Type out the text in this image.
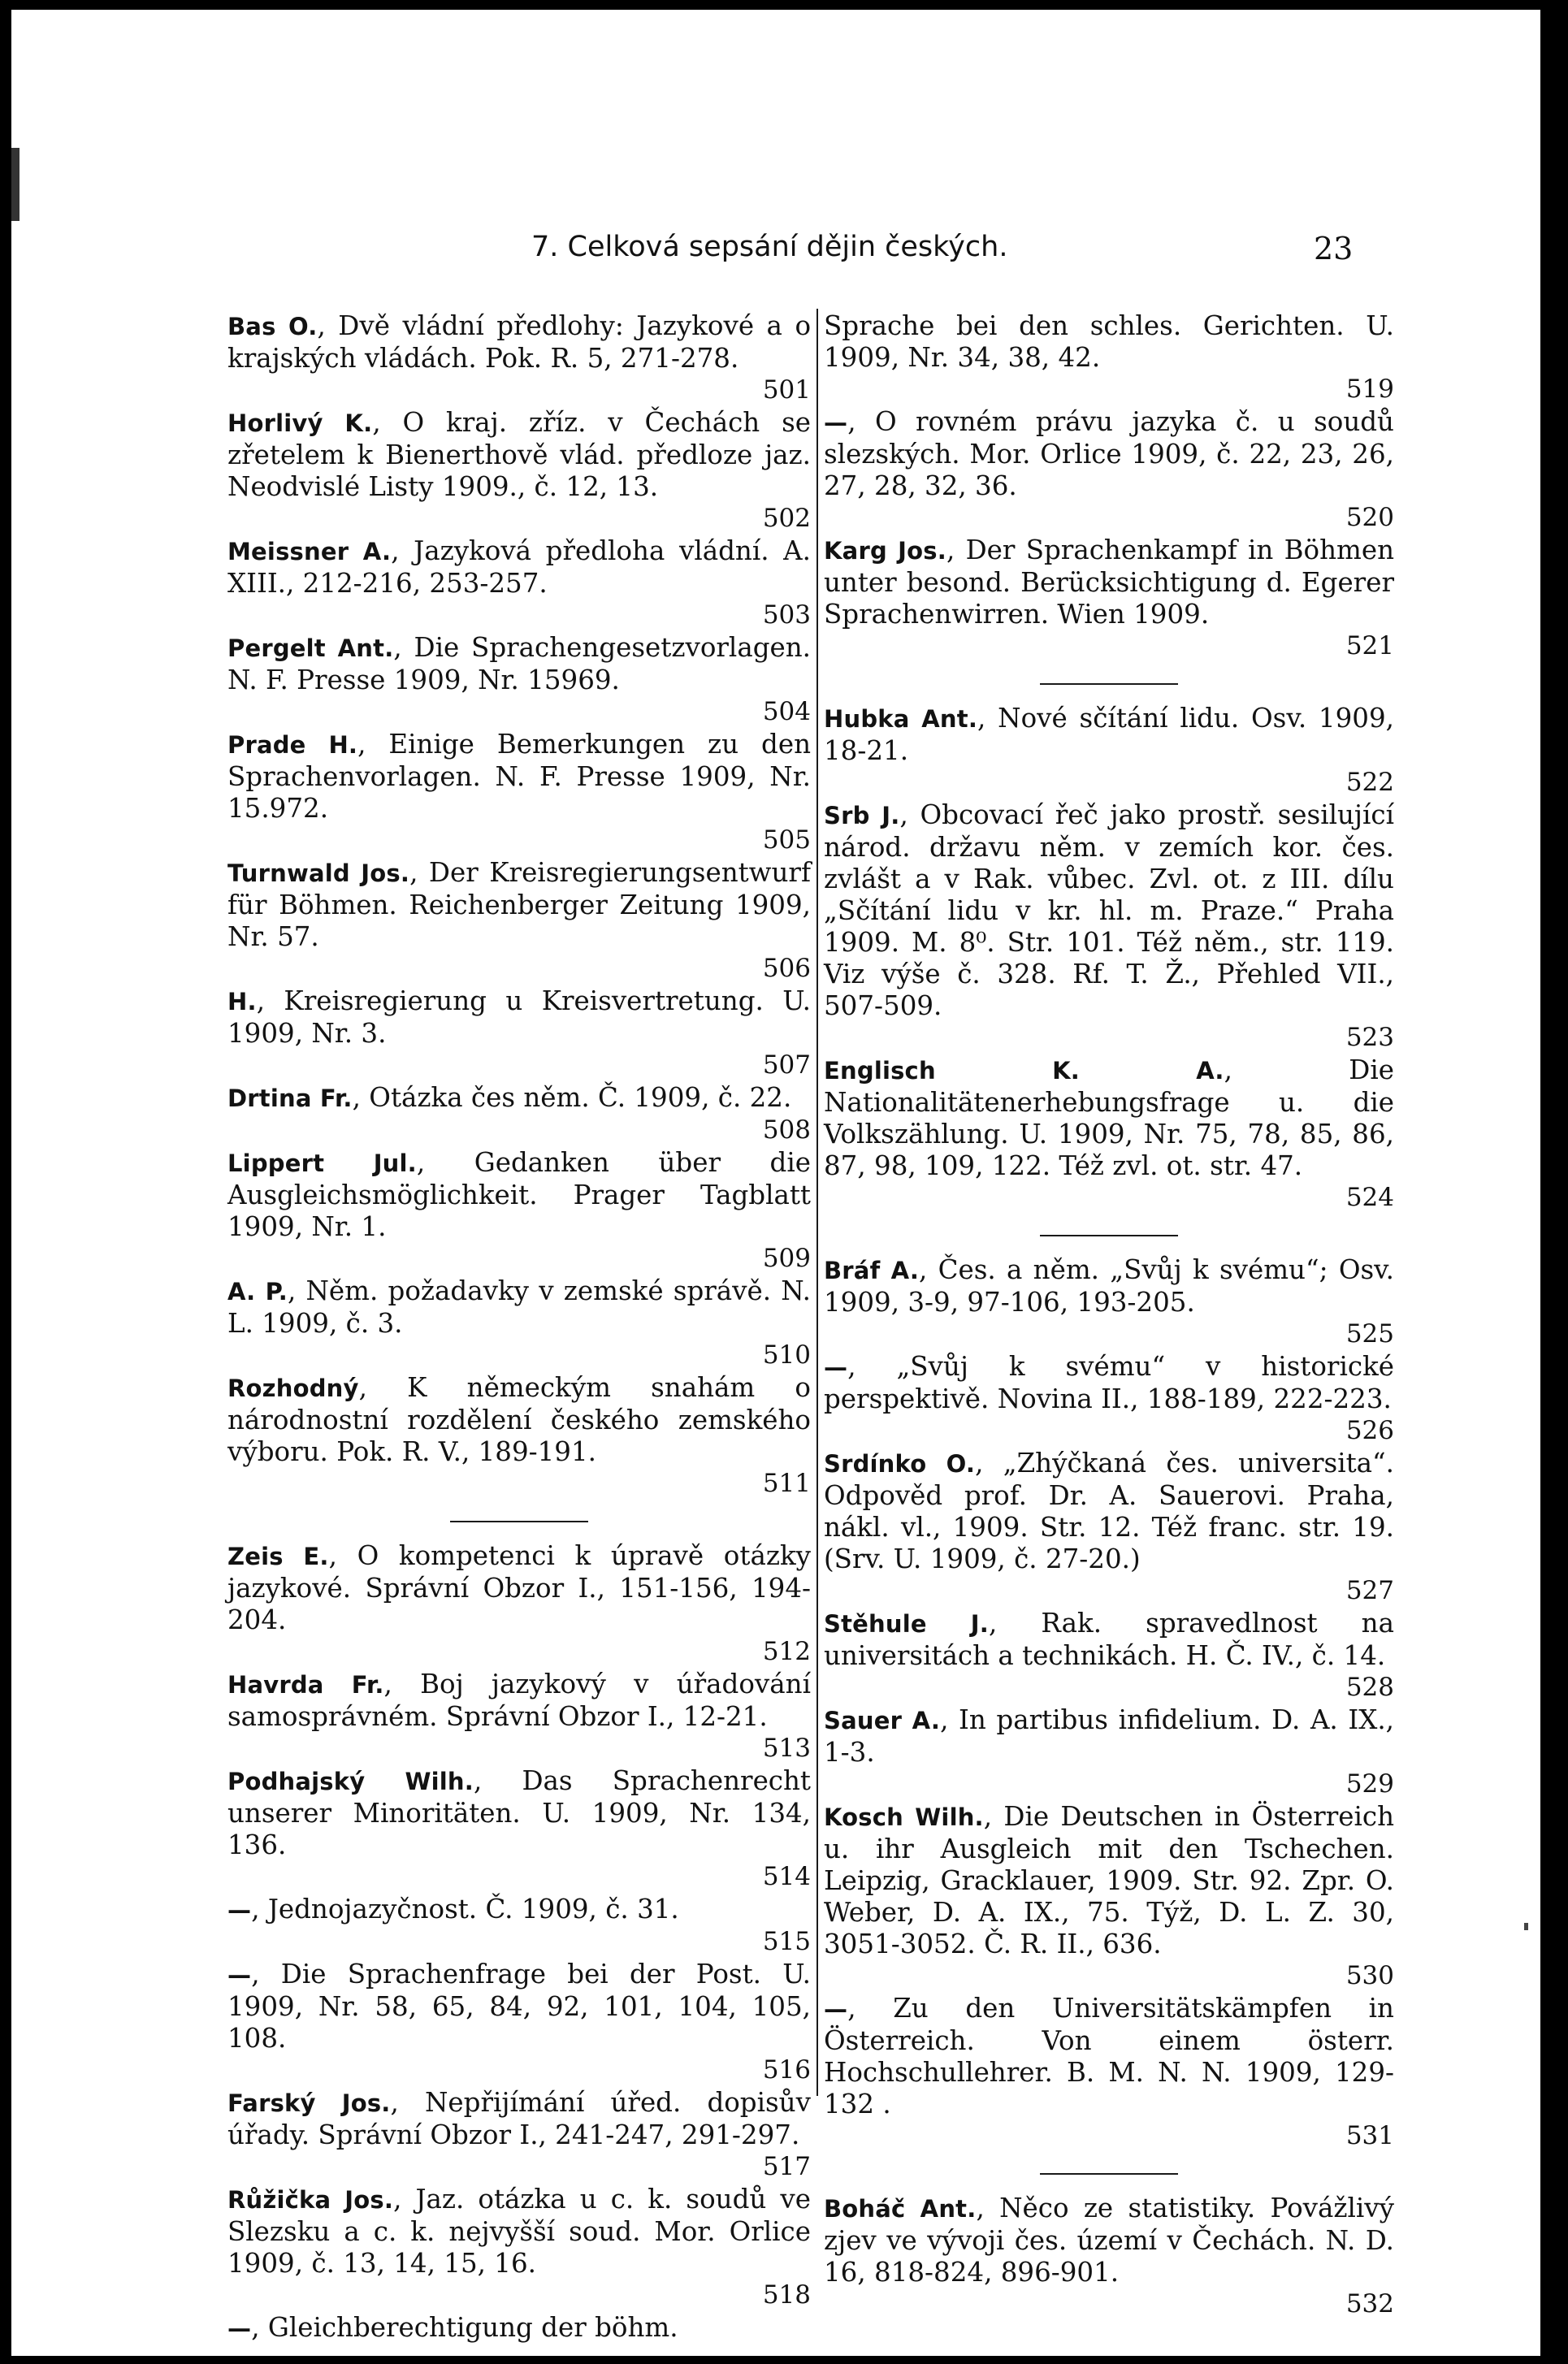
7. Celková sepsání dějin českých.	23
Bas O., Dvě vládní předlohy: Jazykové a o krajských vládách. Pok. R. 5, 271-278.
501
Horlivý K., O kraj. zříz. v Čechách se zřetelem k Bienerthově vlád. předloze jaz. Neodvislé Listy 1909., č. 12, 13.
502
Meissner A., Jazyková předloha vládní. A. XIII., 212-216, 253-257.
503
Pergelt Ant., Die Sprachengesetzvorlagen. N. F. Presse 1909, Nr. 15969.
504
Prade H., Einige Bemerkungen zu den Sprachenvorlagen. N. F. Presse 1909, Nr. 15.972.
505
Turnwald Jos., Der Kreisregierungsentwurf für Böhmen. Reichenberger Zeitung 1909, Nr. 57.
506
H., Kreisregierung u Kreisvertretung. U. 1909, Nr. 3.
507
Drtina Fr., Otázka čes něm. Č. 1909, č. 22.
508
Lippert Jul., Gedanken über die Ausgleichsmöglichkeit. Prager Tagblatt 1909, Nr. 1.
509
A. P., Něm. požadavky v zemské správě. N. L. 1909, č. 3.
510
Rozhodný, K německým snahám o národnostní rozdělení českého zemského výboru. Pok. R. V., 189-191.
511
Zeis E., O kompetenci k úpravě otázky jazykové. Správní Obzor I., 151-156, 194-204.
512
Havrda Fr., Boj jazykový v úřadování samosprávném. Správní Obzor I., 12-21.
513
Podhajský Wilh., Das Sprachenrecht unserer Minoritäten. U. 1909, Nr. 134, 136.
514
—, Jednojazyčnost. Č. 1909, č. 31.
515
—, Die Sprachenfrage bei der Post. U. 1909, Nr. 58, 65, 84, 92, 101, 104, 105, 108.
516
Farský Jos., Nepřijímání úřed. dopisův úřady. Správní Obzor I., 241-247, 291-297.
517
Růžička Jos., Jaz. otázka u c. k. soudů ve Slezsku a c. k. nejvyšší soud. Mor. Orlice 1909, č. 13, 14, 15, 16.
518
—, Gleichberechtigung der böhm.
Sprache bei den schles. Gerichten. U. 1909, Nr. 34, 38, 42.
519
—, O rovném právu jazyka č. u soudů slezských. Mor. Orlice 1909, č. 22, 23, 26, 27, 28, 32, 36.
520
Karg Jos., Der Sprachenkampf in Böhmen unter besond. Berücksichtigung d. Egerer Sprachenwirren. Wien 1909.
521
Hubka Ant., Nové sčítání lidu. Osv. 1909, 18-21.
522
Srb J., Obcovací řeč jako prostř. sesilující národ. državu něm. v zemích kor. čes. zvlášt a v Rak. vůbec. Zvl. ot. z III. dílu „Sčítání lidu v kr. hl. m. Praze.“ Praha 1909. M. 8⁰. Str. 101. Též něm., str. 119. Viz výše č. 328. Rf. T. Ž., Přehled VII., 507-509.
523
Englisch K. A., Die Nationalitätenerhebungsfrage u. die Volkszählung. U. 1909, Nr. 75, 78, 85, 86, 87, 98, 109, 122. Též zvl. ot. str. 47.
524
Bráf A., Čes. a něm. „Svůj k svému“; Osv. 1909, 3-9, 97-106, 193-205.
525
—, „Svůj k svému“ v historické perspektivě. Novina II., 188-189, 222-223.
526
Srdínko O., „Zhýčkaná čes. universita“. Odpověd prof. Dr. A. Sauerovi. Praha, nákl. vl., 1909. Str. 12. Též franc. str. 19. (Srv. U. 1909, č. 27-20.)
527
Stěhule J., Rak. spravedlnost na universitách a technikách. H. Č. IV., č. 14.
528
Sauer A., In partibus infidelium. D. A. IX., 1-3.
529
Kosch Wilh., Die Deutschen in Österreich u. ihr Ausgleich mit den Tschechen. Leipzig, Gracklauer, 1909. Str. 92. Zpr. O. Weber, D. A. IX., 75. Týž, D. L. Z. 30, 3051-3052. Č. R. II., 636.
530
—, Zu den Universitätskämpfen in Österreich. Von einem österr. Hochschullehrer. B. M. N. N. 1909, 129-132 .
531
Boháč Ant., Něco ze statistiky. Povážlivý zjev ve vývoji čes. území v Čechách. N. D. 16, 818-824, 896-901.
532
